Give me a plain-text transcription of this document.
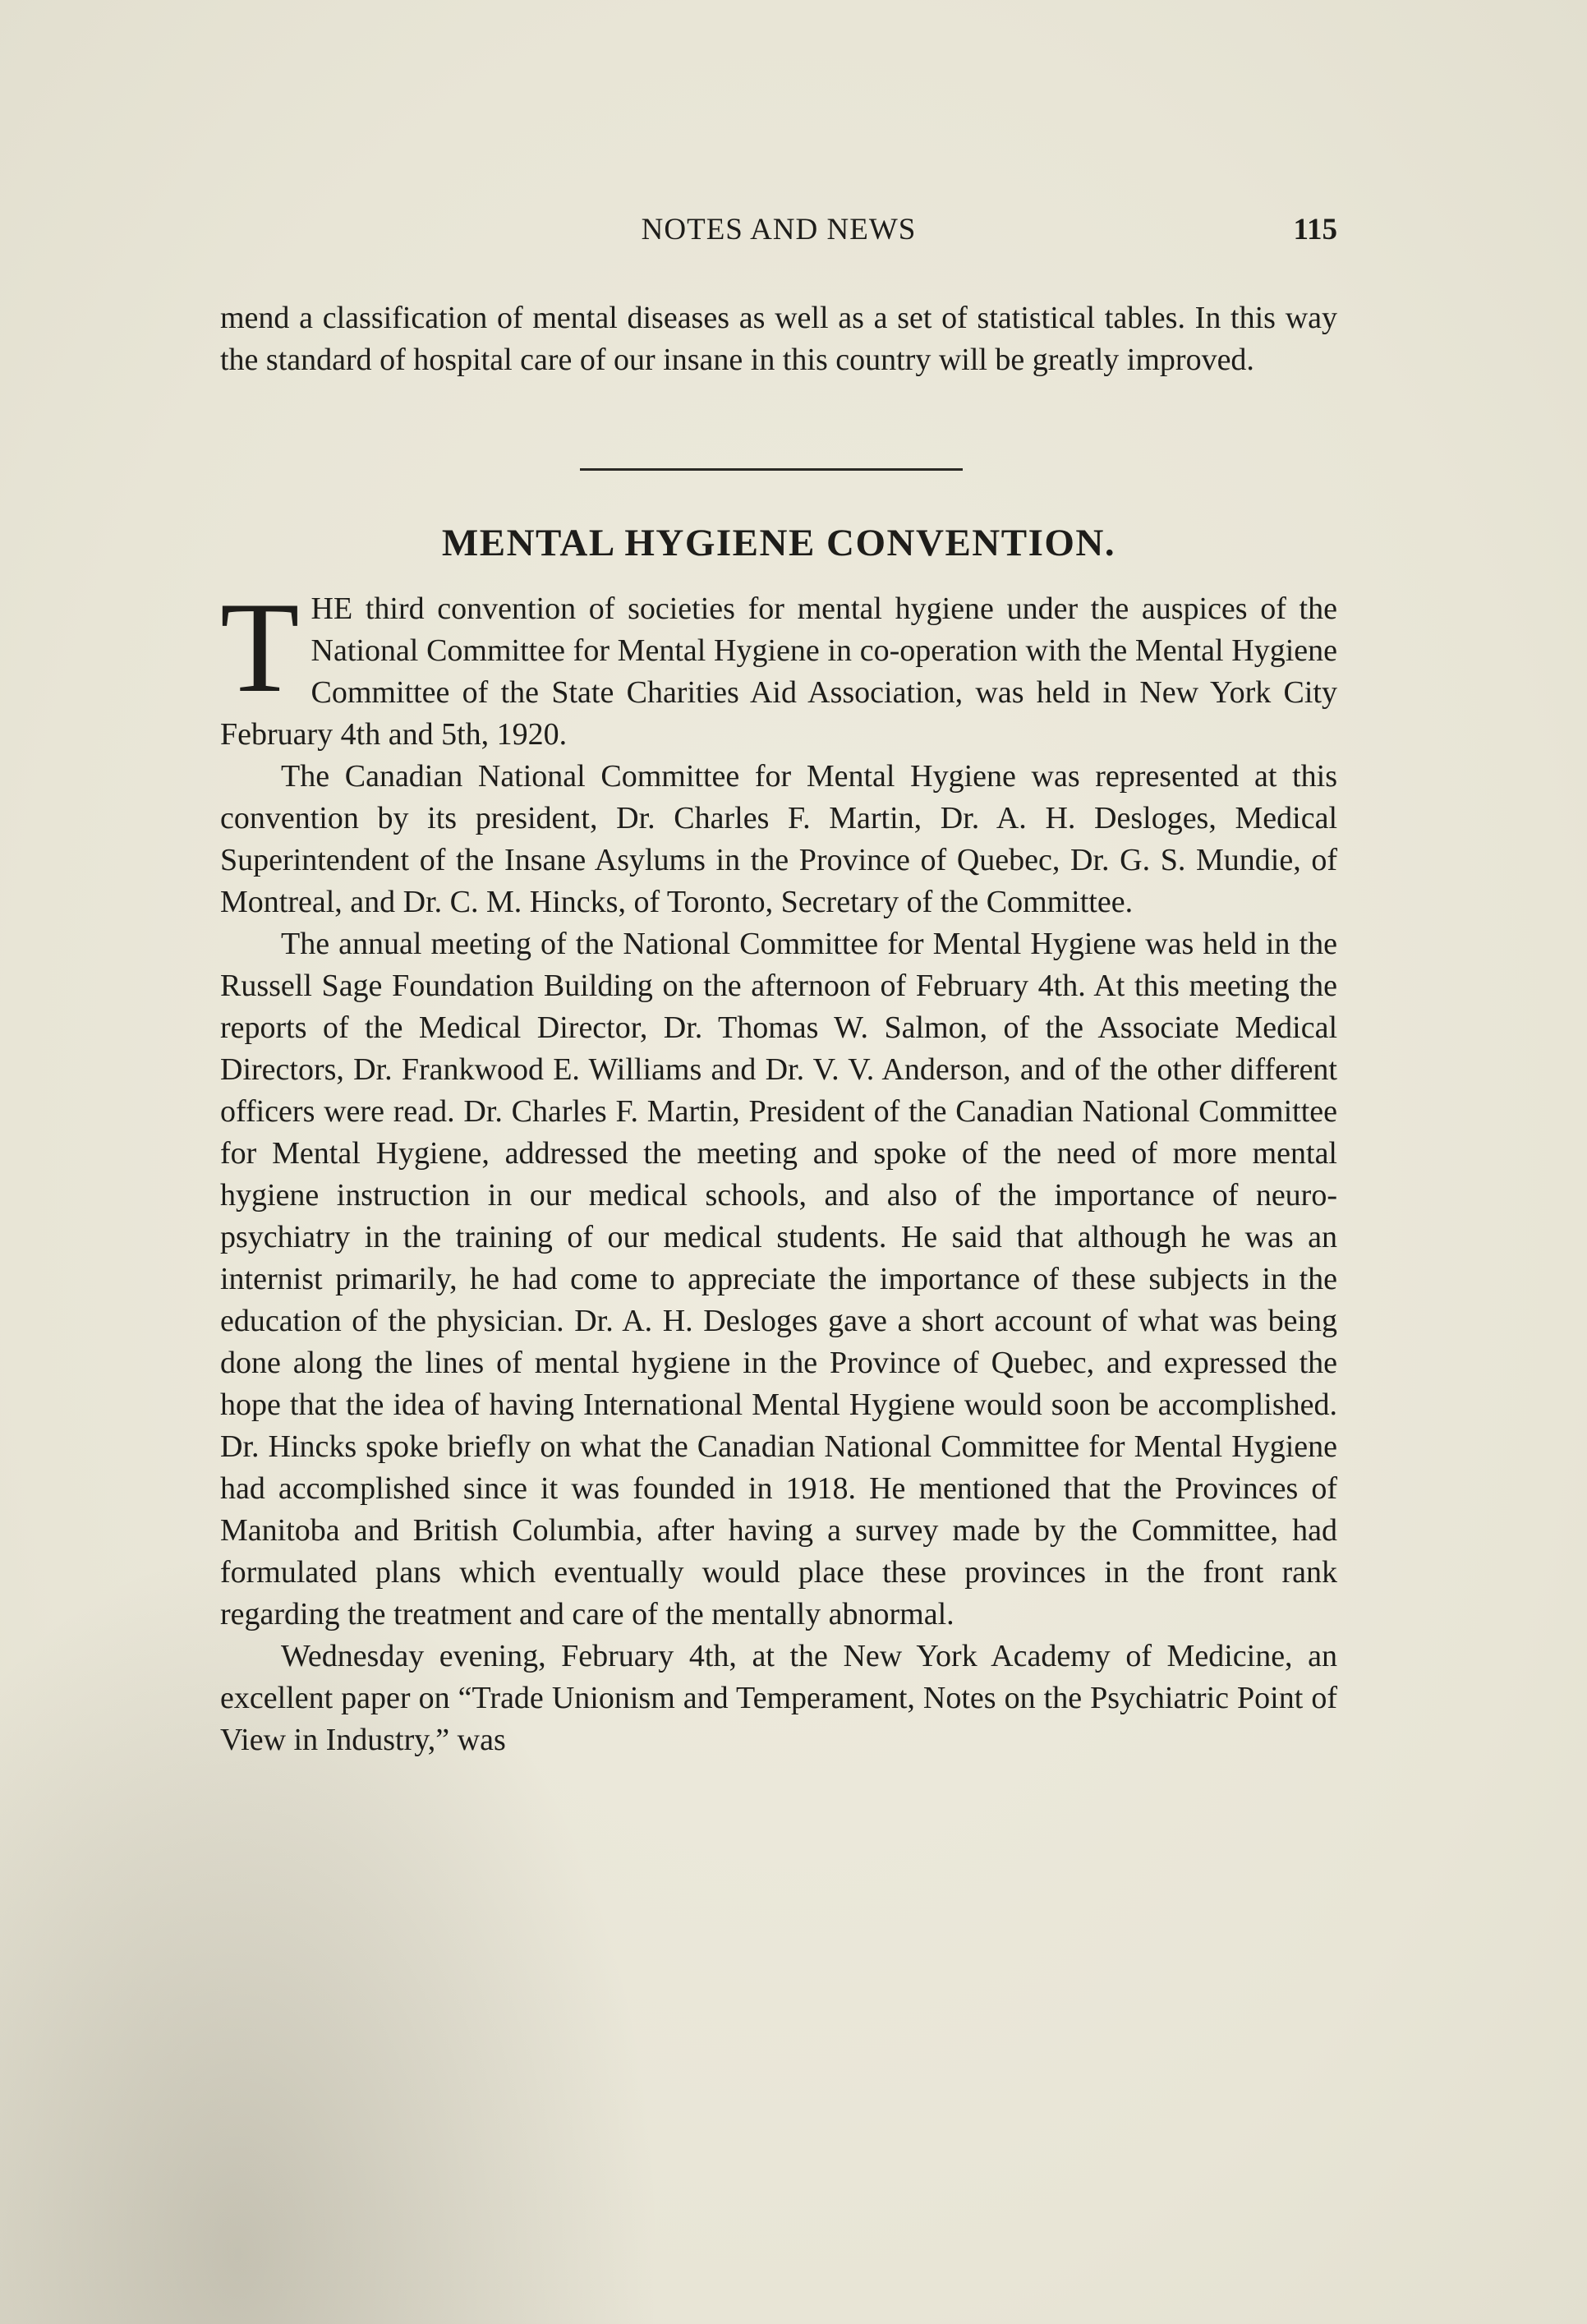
NOTES AND NEWS	115
mend a classification of mental diseases as well as a set of statistical tables. In this way the standard of hospital care of our insane in this country will be greatly improved.
MENTAL HYGIENE CONVENTION.

THE third convention of societies for mental hygiene under the auspices of the National Committee for Mental Hygiene in co-operation with the Mental Hygiene Committee of the State Charities Aid Association, was held in New York City February 4th and 5th, 1920.

The Canadian National Committee for Mental Hygiene was represented at this convention by its president, Dr. Charles F. Martin, Dr. A. H. Desloges, Medical Superintendent of the Insane Asylums in the Province of Quebec, Dr. G. S. Mundie, of Montreal, and Dr. C. M. Hincks, of Toronto, Secretary of the Committee.

The annual meeting of the National Committee for Mental Hygiene was held in the Russell Sage Foundation Building on the afternoon of February 4th. At this meeting the reports of the Medical Director, Dr. Thomas W. Salmon, of the Associate Medical Directors, Dr. Frankwood E. Williams and Dr. V. V. Anderson, and of the other different officers were read. Dr. Charles F. Martin, President of the Canadian National Committee for Mental Hygiene, addressed the meeting and spoke of the need of more mental hygiene instruction in our medical schools, and also of the importance of neuro-psychiatry in the training of our medical students. He said that although he was an internist primarily, he had come to appreciate the importance of these subjects in the education of the physician. Dr. A. H. Desloges gave a short account of what was being done along the lines of mental hygiene in the Province of Quebec, and expressed the hope that the idea of having International Mental Hygiene would soon be accomplished. Dr. Hincks spoke briefly on what the Canadian National Committee for Mental Hygiene had accomplished since it was founded in 1918. He mentioned that the Provinces of Manitoba and British Columbia, after having a survey made by the Committee, had formulated plans which eventually would place these provinces in the front rank regarding the treatment and care of the mentally abnormal.

Wednesday evening, February 4th, at the New York Academy of Medicine, an excellent paper on “Trade Unionism and Temperament, Notes on the Psychiatric Point of View in Industry,” was
